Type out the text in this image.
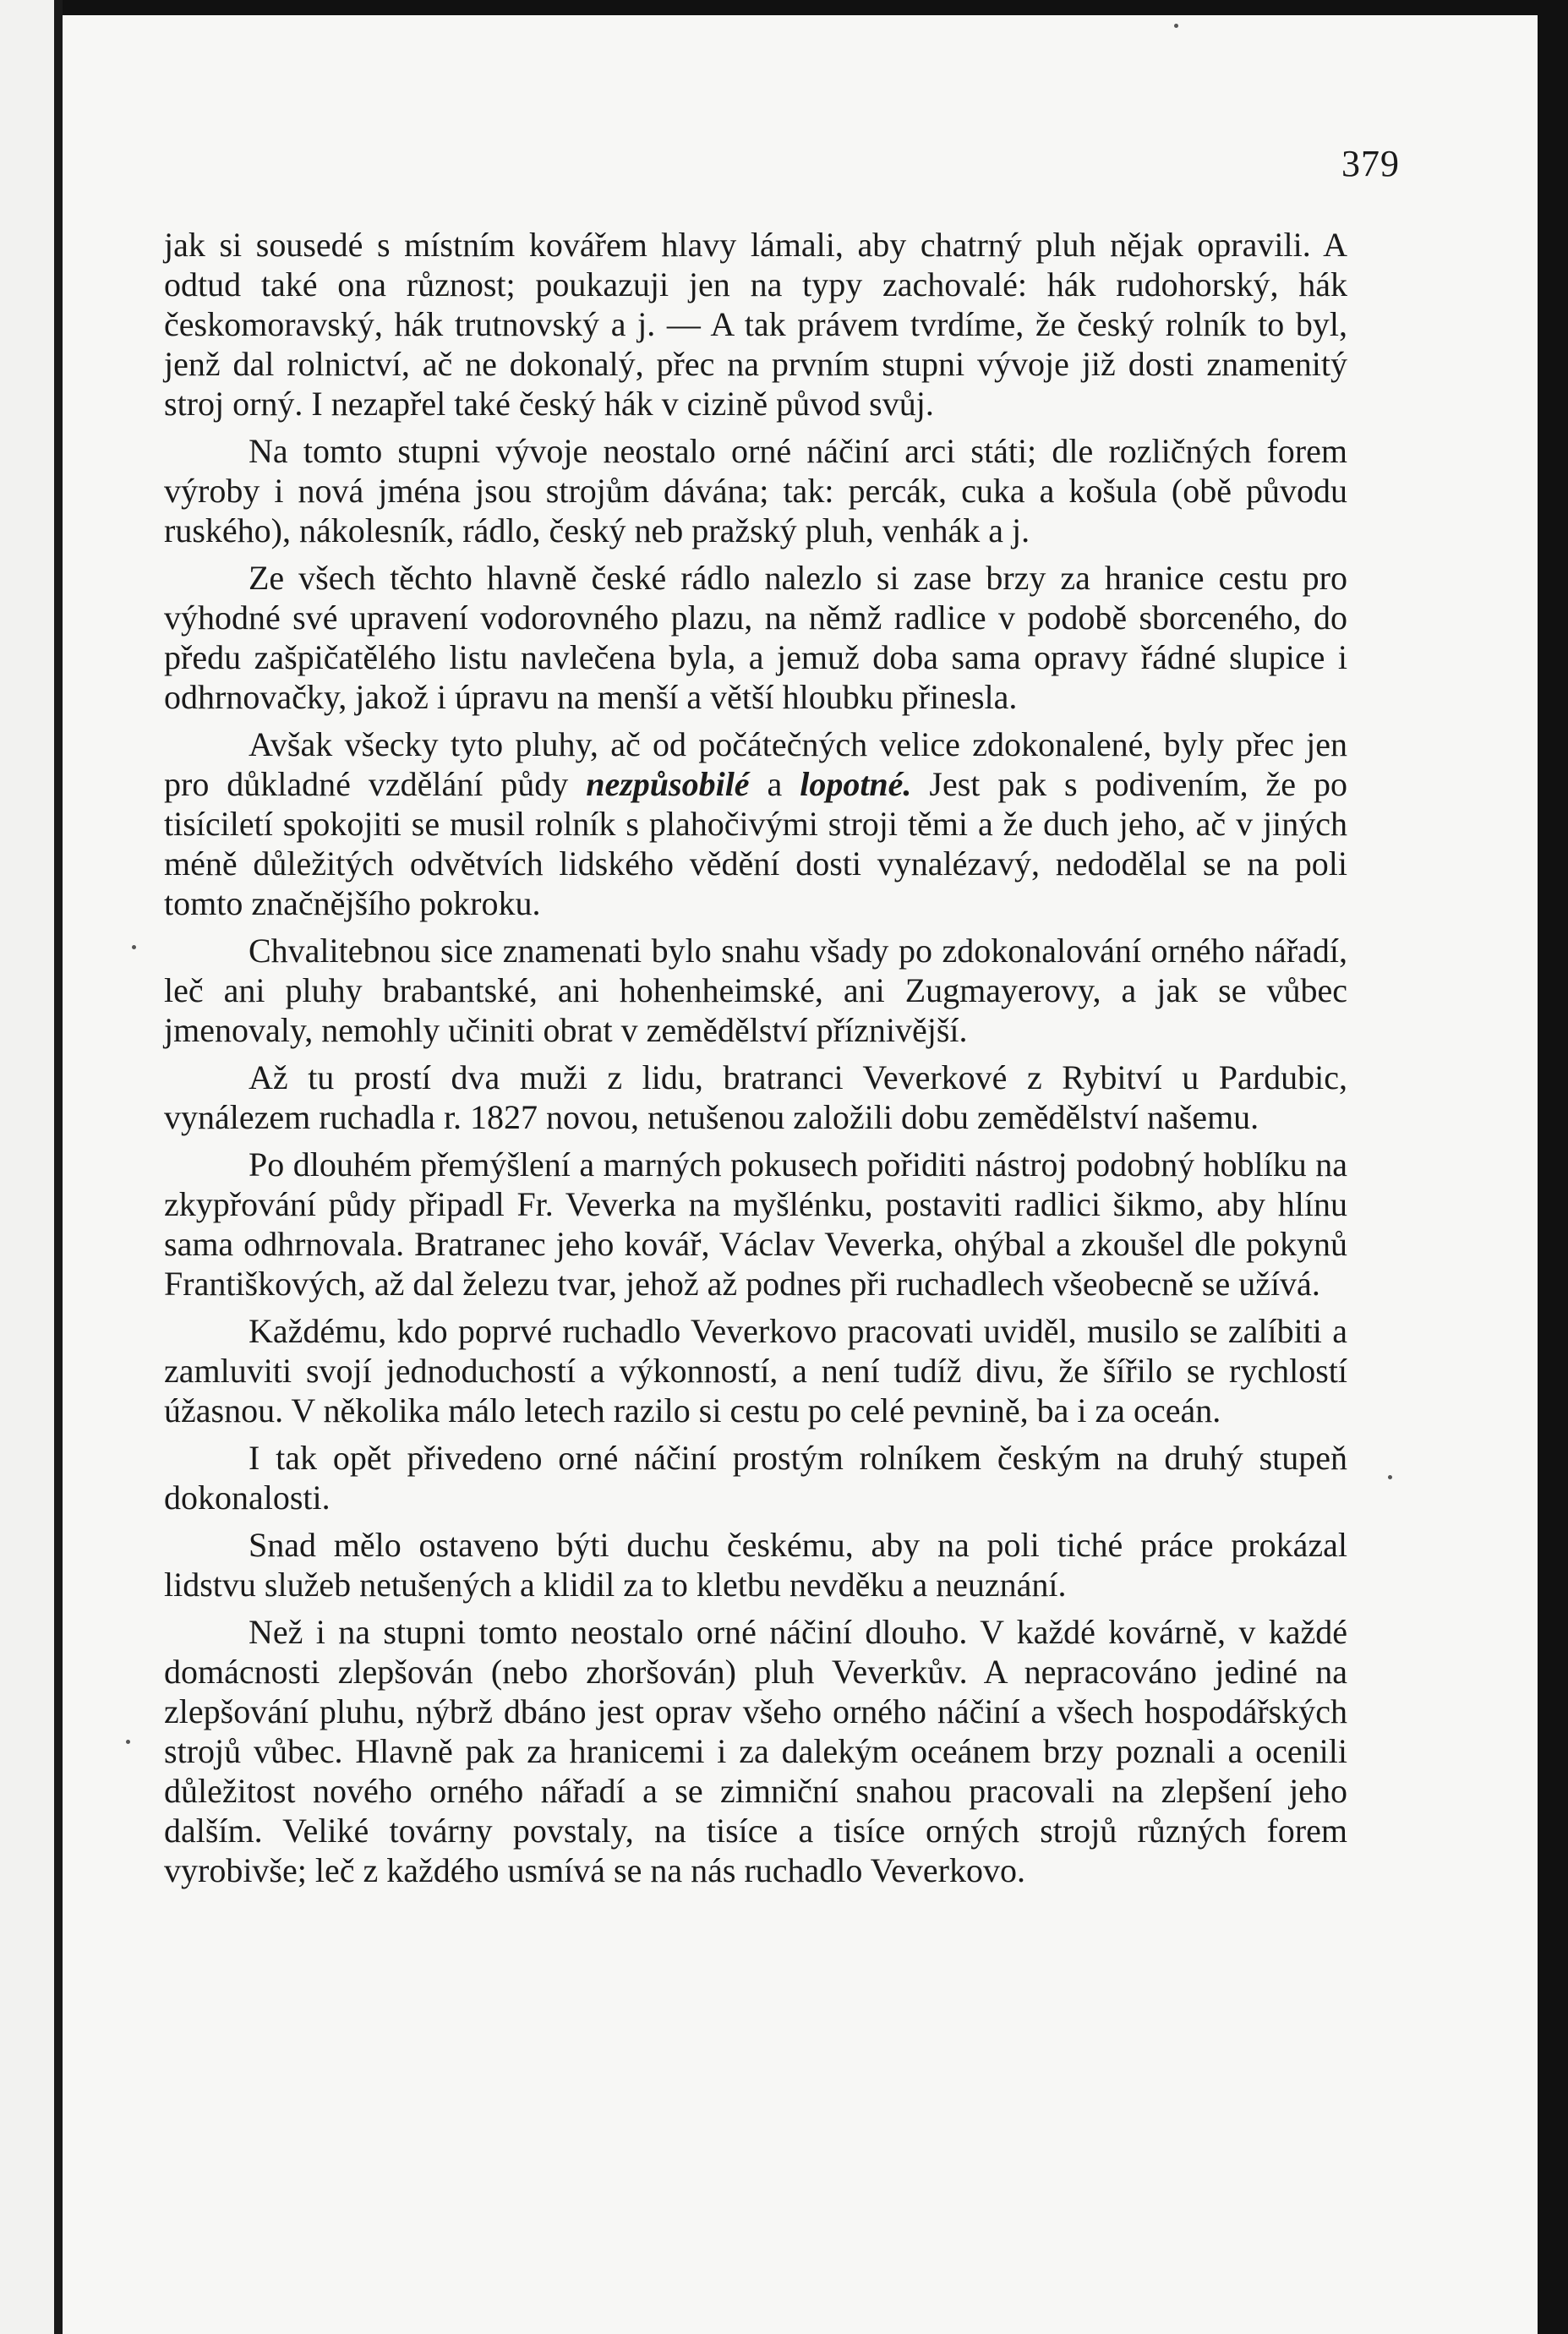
379

jak si sousedé s místním kovářem hlavy lámali, aby chatrný pluh nějak opravili. A odtud také ona různost; poukazuji jen na typy zachovalé: hák rudohorský, hák českomoravský, hák trutnovský a j. — A tak právem tvrdíme, že český rolník to byl, jenž dal rolnictví, ač ne dokonalý, přec na prvním stupni vývoje již dosti znamenitý stroj orný. I nezapřel také český hák v cizině původ svůj.

Na tomto stupni vývoje neostalo orné náčiní arci státi; dle rozličných forem výroby i nová jména jsou strojům dávána; tak: percák, cuka a košula (obě původu ruského), nákolesník, rádlo, český neb pražský pluh, venhák a j.

Ze všech těchto hlavně české rádlo nalezlo si zase brzy za hranice cestu pro výhodné své upravení vodorovného plazu, na němž radlice v podobě sborceného, do předu zašpičatělého listu navlečena byla, a jemuž doba sama opravy řádné slupice i odhrnovačky, jakož i úpravu na menší a větší hloubku přinesla.

Avšak všecky tyto pluhy, ač od počátečných velice zdokonalené, byly přec jen pro důkladné vzdělání půdy nezpůsobilé a lopotné. Jest pak s podivením, že po tisíciletí spokojiti se musil rolník s plahočivými stroji těmi a že duch jeho, ač v jiných méně důležitých odvětvích lidského vědění dosti vynalézavý, nedodělal se na poli tomto značnějšího pokroku.

Chvalitebnou sice znamenati bylo snahu všady po zdokonalování orného nářadí, leč ani pluhy brabantské, ani hohenheimské, ani Zugmayerovy, a jak se vůbec jmenovaly, nemohly učiniti obrat v zemědělství příznivější.

Až tu prostí dva muži z lidu, bratranci Veverkové z Rybitví u Pardubic, vynálezem ruchadla r. 1827 novou, netušenou založili dobu zemědělství našemu.

Po dlouhém přemýšlení a marných pokusech pořiditi nástroj podobný hoblíku na zkypřování půdy připadl Fr. Veverka na myšlénku, postaviti radlici šikmo, aby hlínu sama odhrnovala. Bratranec jeho kovář, Václav Veverka, ohýbal a zkoušel dle pokynů Františkových, až dal železu tvar, jehož až podnes při ruchadlech všeobecně se užívá.

Každému, kdo poprvé ruchadlo Veverkovo pracovati uviděl, musilo se zalíbiti a zamluviti svojí jednoduchostí a výkonností, a není tudíž divu, že šířilo se rychlostí úžasnou. V několika málo letech razilo si cestu po celé pevnině, ba i za oceán.

I tak opět přivedeno orné náčiní prostým rolníkem českým na druhý stupeň dokonalosti.

Snad mělo ostaveno býti duchu českému, aby na poli tiché práce prokázal lidstvu služeb netušených a klidil za to kletbu nevděku a neuznání.

Než i na stupni tomto neostalo orné náčiní dlouho. V každé kovárně, v každé domácnosti zlepšován (nebo zhoršován) pluh Veverkův. A nepracováno jediné na zlepšování pluhu, nýbrž dbáno jest oprav všeho orného náčiní a všech hospodářských strojů vůbec. Hlavně pak za hranicemi i za dalekým oceánem brzy poznali a ocenili důležitost nového orného nářadí a se zimniční snahou pracovali na zlepšení jeho dalším. Veliké továrny povstaly, na tisíce a tisíce orných strojů různých forem vyrobivše; leč z každého usmívá se na nás ruchadlo Veverkovo.
